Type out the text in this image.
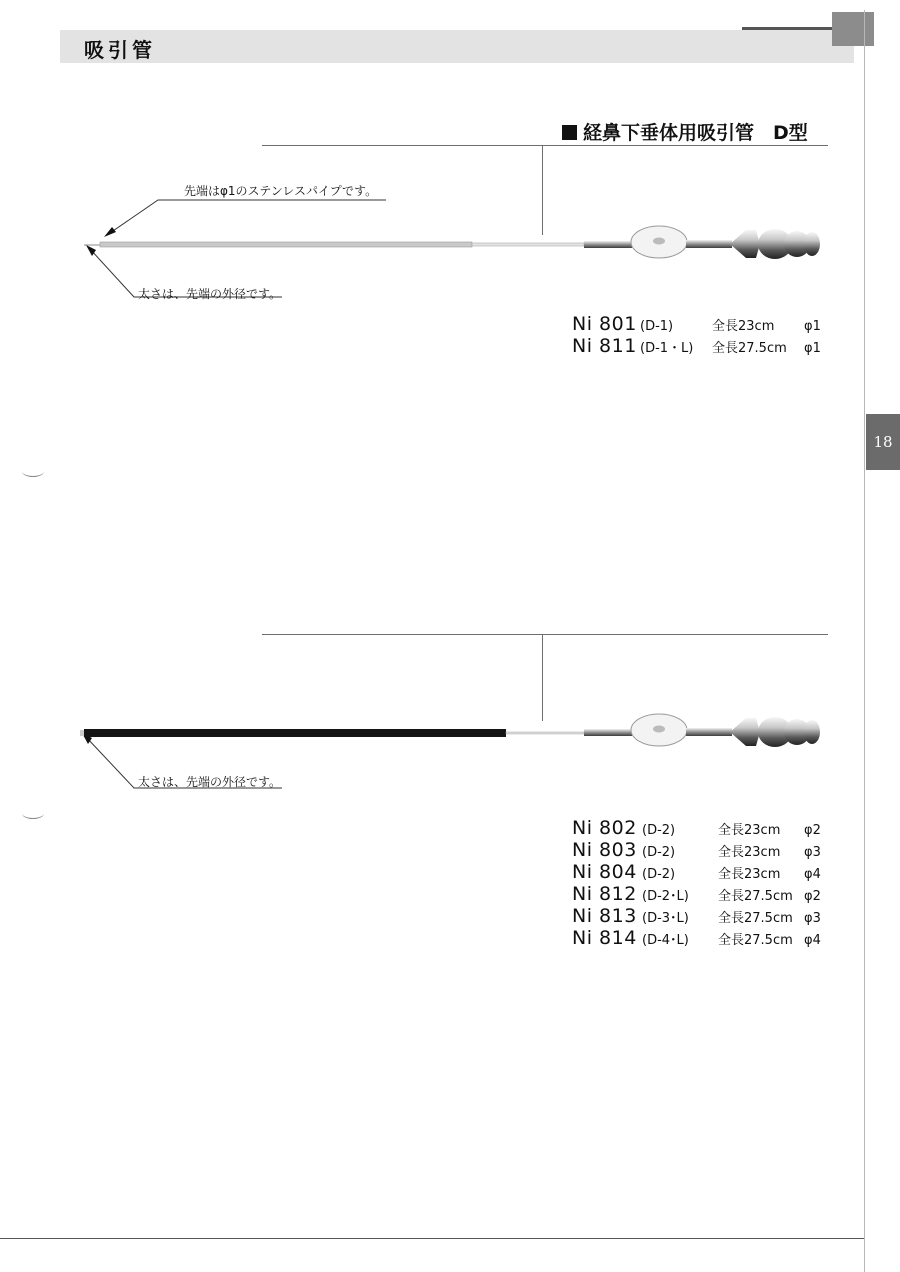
吸引管
18
経鼻下垂体用吸引管　D型
先端はφ1のステンレスパイプです。
太さは、先端の外径です。
Ni 801 (D-1)	全長23cm	φ1
Ni 811 (D-1・L)	全長27.5cm	φ1
太さは、先端の外径です。
Ni 802 (D-2)	全長23cm	φ2
Ni 803 (D-2)	全長23cm	φ3
Ni 804 (D-2)	全長23cm	φ4
Ni 812 (D-2･L)	全長27.5cm φ2
Ni 813 (D-3･L)	全長27.5cm φ3
Ni 814 (D-4･L)	全長27.5cm φ4
